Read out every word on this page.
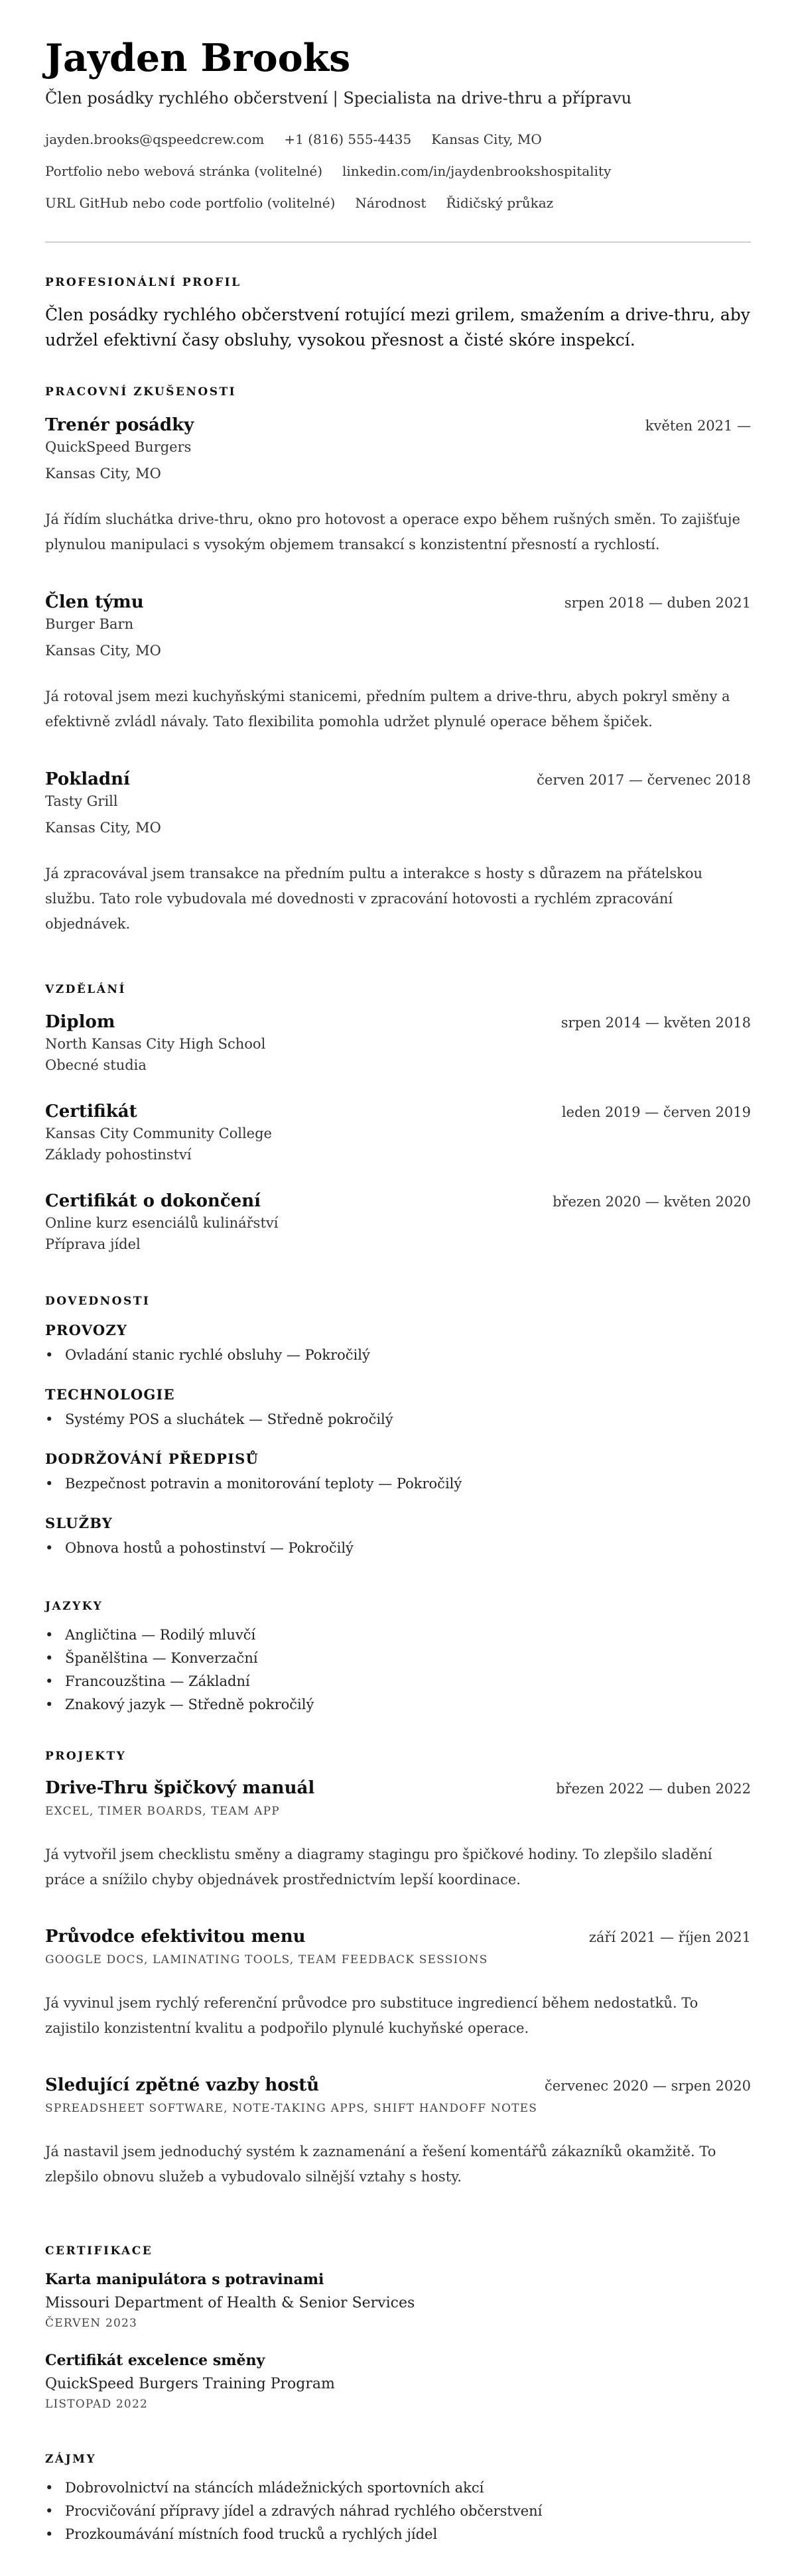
Jayden Brooks
Člen posádky rychlého občerstvení | Specialista na drive-thru a přípravu
jayden.brooks@qspeedcrew.com +1 (816) 555-4435 Kansas City, MO
Portfolio nebo webová stránka (volitelné) linkedin.com/in/jaydenbrookshospitality
URL GitHub nebo code portfolio (volitelné) Národnost Řidičský průkaz
PROFESIONÁLNÍ PROFIL
Člen posádky rychlého občerstvení rotující mezi grilem, smažením a drive-thru, aby udržel efektivní časy obsluhy, vysokou přesnost a čisté skóre inspekcí.
PRACOVNÍ ZKUŠENOSTI
Trenér posádky	květen 2021 —
QuickSpeed Burgers
Kansas City, MO
Já řídím sluchátka drive-thru, okno pro hotovost a operace expo během rušných směn. To zajišťuje plynulou manipulaci s vysokým objemem transakcí s konzistentní přesností a rychlostí.
Člen týmu	srpen 2018 — duben 2021
Burger Barn
Kansas City, MO
Já rotoval jsem mezi kuchyňskými stanicemi, předním pultem a drive-thru, abych pokryl směny a efektivně zvládl návaly. Tato flexibilita pomohla udržet plynulé operace během špiček.
Pokladní	červen 2017 — červenec 2018
Tasty Grill
Kansas City, MO
Já zpracovával jsem transakce na předním pultu a interakce s hosty s důrazem na přátelskou službu. Tato role vybudovala mé dovednosti v zpracování hotovosti a rychlém zpracování objednávek.
VZDĚLÁNÍ
Diplom	srpen 2014 — květen 2018
North Kansas City High School
Obecné studia
Certifikát	leden 2019 — červen 2019
Kansas City Community College
Základy pohostinství
Certifikát o dokončení	březen 2020 — květen 2020
Online kurz esenciálů kulinářství
Příprava jídel
DOVEDNOSTI
PROVOZY
• Ovladání stanic rychlé obsluhy — Pokročilý
TECHNOLOGIE
• Systémy POS a sluchátek — Středně pokročilý
DODRŽOVÁNÍ PŘEDPISŮ
• Bezpečnost potravin a monitorování teploty — Pokročilý
SLUŽBY
• Obnova hostů a pohostinství — Pokročilý
JAZYKY
• Angličtina — Rodilý mluvčí
• Španělština — Konverzační
• Francouzština — Základní
• Znakový jazyk — Středně pokročilý
PROJEKTY
Drive-Thru špičkový manuál	březen 2022 — duben 2022
EXCEL, TIMER BOARDS, TEAM APP
Já vytvořil jsem checklistu směny a diagramy stagingu pro špičkové hodiny. To zlepšilo sladění práce a snížilo chyby objednávek prostřednictvím lepší koordinace.
Průvodce efektivitou menu	září 2021 — říjen 2021
GOOGLE DOCS, LAMINATING TOOLS, TEAM FEEDBACK SESSIONS
Já vyvinul jsem rychlý referenční průvodce pro substituce ingrediencí během nedostatků. To zajistilo konzistentní kvalitu a podpořilo plynulé kuchyňské operace.
Sledující zpětné vazby hostů	červenec 2020 — srpen 2020
SPREADSHEET SOFTWARE, NOTE-TAKING APPS, SHIFT HANDOFF NOTES
Já nastavil jsem jednoduchý systém k zaznamenání a řešení komentářů zákazníků okamžitě. To zlepšilo obnovu služeb a vybudovalo silnější vztahy s hosty.
CERTIFIKACE
Karta manipulátora s potravinami
Missouri Department of Health & Senior Services
ČERVEN 2023
Certifikát excelence směny
QuickSpeed Burgers Training Program
LISTOPAD 2022
ZÁJMY
• Dobrovolnictví na stáncích mládežnických sportovních akcí
• Procvičování přípravy jídel a zdravých náhrad rychlého občerstvení
• Prozkoumávání místních food trucků a rychlých jídel
